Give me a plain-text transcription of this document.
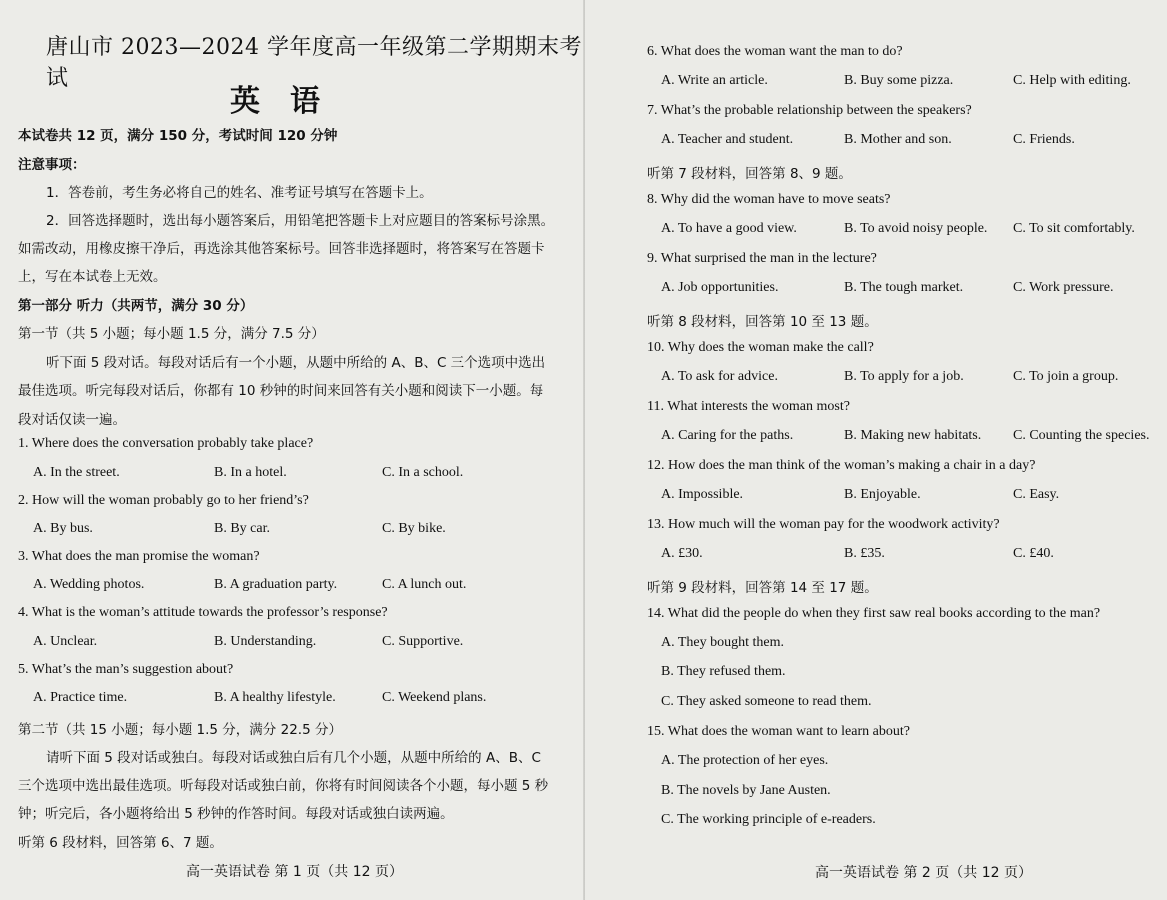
唐山市 2023—2024 学年度高一年级第二学期期末考试
英语
本试卷共 12 页，满分 150 分，考试时间 120 分钟
注意事项：
1．答卷前，考生务必将自己的姓名、准考证号填写在答题卡上。
2．回答选择题时，选出每小题答案后，用铅笔把答题卡上对应题目的答案标号涂黑。
如需改动，用橡皮擦干净后，再选涂其他答案标号。回答非选择题时，将答案写在答题卡
上，写在本试卷上无效。
第一部分 听力（共两节，满分 30 分）
第一节（共 5 小题；每小题 1.5 分，满分 7.5 分）
听下面 5 段对话。每段对话后有一个小题，从题中所给的 A、B、C 三个选项中选出
最佳选项。听完每段对话后，你都有 10 秒钟的时间来回答有关小题和阅读下一小题。每
段对话仅读一遍。
1. Where does the conversation probably take place?
A. In the street.	B. In a hotel.	C. In a school.
2. How will the woman probably go to her friend’s?
A. By bus.	B. By car.	C. By bike.
3. What does the man promise the woman?
A. Wedding photos.	B. A graduation party.	C. A lunch out.
4. What is the woman’s attitude towards the professor’s response?
A. Unclear.	B. Understanding.	C. Supportive.
5. What’s the man’s suggestion about?
A. Practice time.	B. A healthy lifestyle.	C. Weekend plans.
第二节（共 15 小题；每小题 1.5 分，满分 22.5 分）
请听下面 5 段对话或独白。每段对话或独白后有几个小题，从题中所给的 A、B、C
三个选项中选出最佳选项。听每段对话或独白前，你将有时间阅读各个小题，每小题 5 秒
钟；听完后，各小题将给出 5 秒钟的作答时间。每段对话或独白读两遍。
听第 6 段材料，回答第 6、7 题。
高一英语试卷 第 1 页（共 12 页）
6. What does the woman want the man to do?
A. Write an article.	B. Buy some pizza.	C. Help with editing.
7. What’s the probable relationship between the speakers?
A. Teacher and student.	B. Mother and son.	C. Friends.
听第 7 段材料，回答第 8、9 题。
8. Why did the woman have to move seats?
A. To have a good view.	B. To avoid noisy people. C. To sit comfortably.
9. What surprised the man in the lecture?
A. Job opportunities.	B. The tough market.	C. Work pressure.
听第 8 段材料，回答第 10 至 13 题。
10. Why does the woman make the call?
A. To ask for advice.	B. To apply for a job.	C. To join a group.
11. What interests the woman most?
A. Caring for the paths.	B. Making new habitats. C. Counting the species.
12. How does the man think of the woman’s making a chair in a day?
A. Impossible.	B. Enjoyable.	C. Easy.
13. How much will the woman pay for the woodwork activity?
A. £30.	B. £35.	C. £40.
听第 9 段材料，回答第 14 至 17 题。
14. What did the people do when they first saw real books according to the man?
A. They bought them.
B. They refused them.
C. They asked someone to read them.
15. What does the woman want to learn about?
A. The protection of her eyes.
B. The novels by Jane Austen.
C. The working principle of e-readers.
高一英语试卷 第 2 页（共 12 页）
